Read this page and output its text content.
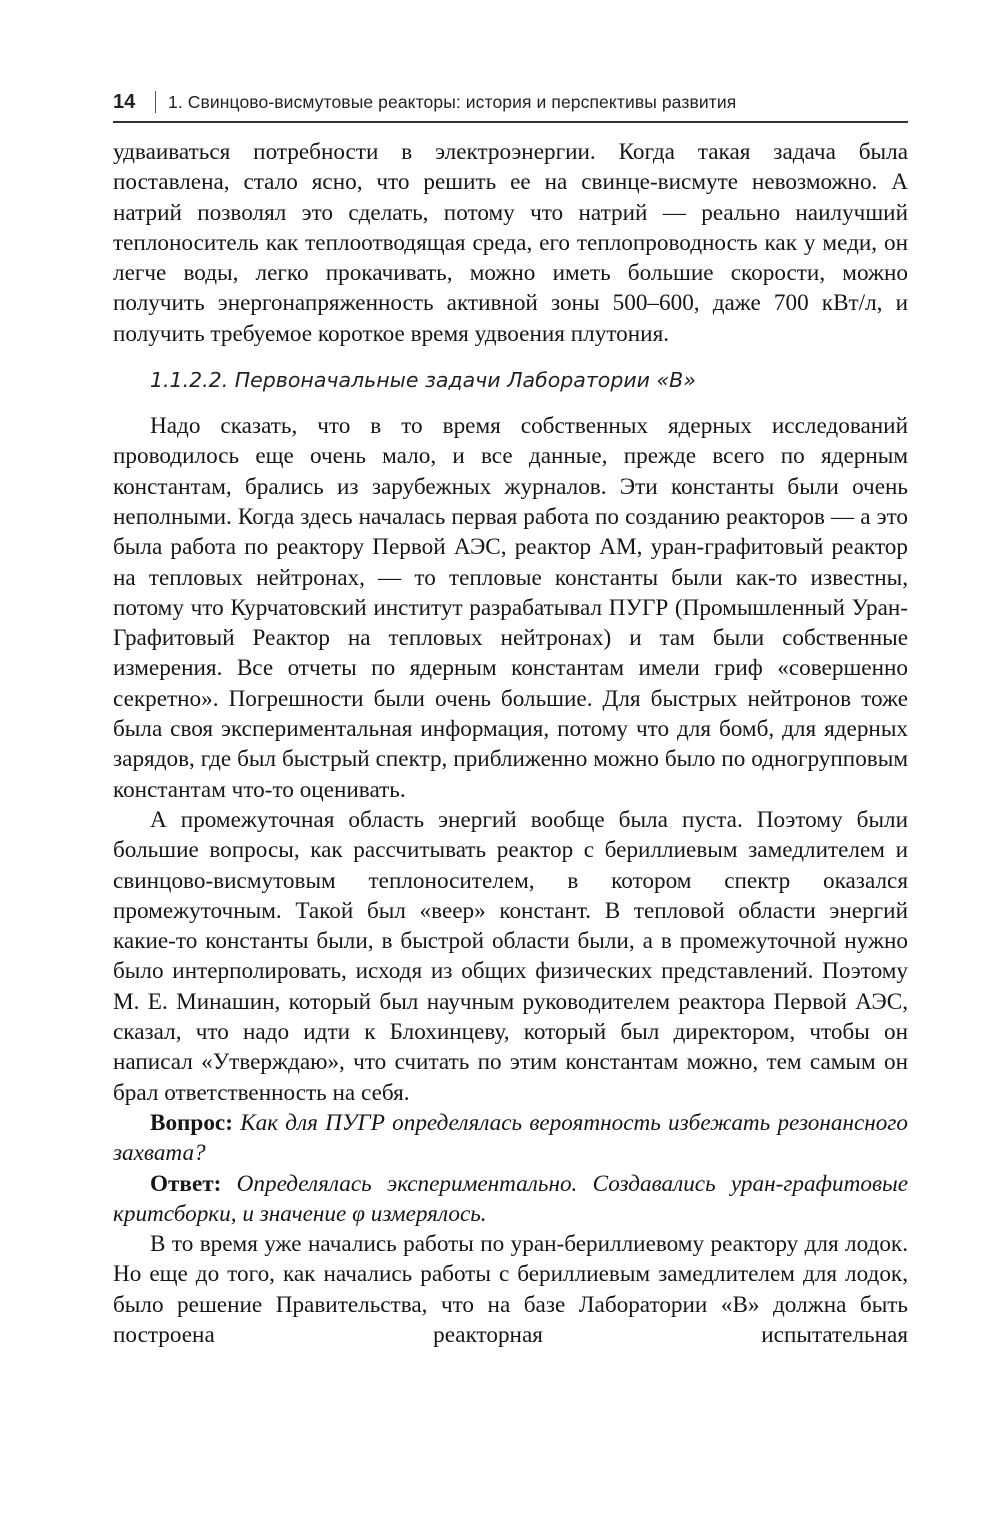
14 1. Свинцово-висмутовые реакторы: история и перспективы развития

удваиваться потребности в электроэнергии. Когда такая задача была поставлена, стало ясно, что решить ее на свинце-висмуте невозможно. А натрий позволял это сделать, потому что натрий — реально наилучший теплоноситель как теплоотводящая среда, его теплопроводность как у меди, он легче воды, легко прокачивать, можно иметь большие скорости, можно получить энергонапряженность активной зоны 500–600, даже 700 кВт/л, и получить требуемое короткое время удвоения плутония.

1.1.2.2. Первоначальные задачи Лаборатории «В»

Надо сказать, что в то время собственных ядерных исследований проводилось еще очень мало, и все данные, прежде всего по ядерным константам, брались из зарубежных журналов. Эти константы были очень неполными. Когда здесь началась первая работа по созданию реакторов — а это была работа по реактору Первой АЭС, реактор АМ, уран-графитовый реактор на тепловых нейтронах, — то тепловые константы были как-то известны, потому что Курчатовский институт разрабатывал ПУГР (Промышленный Уран-Графитовый Реактор на тепловых нейтронах) и там были собственные измерения. Все отчеты по ядерным константам имели гриф «совершенно секретно». Погрешности были очень большие. Для быстрых нейтронов тоже была своя экспериментальная информация, потому что для бомб, для ядерных зарядов, где был быстрый спектр, приближенно можно было по одногрупповым константам что-то оценивать.

А промежуточная область энергий вообще была пуста. Поэтому были большие вопросы, как рассчитывать реактор с бериллиевым замедлителем и свинцово-висмутовым теплоносителем, в котором спектр оказался промежуточным. Такой был «веер» констант. В тепловой области энергий какие-то константы были, в быстрой области были, а в промежуточной нужно было интерполировать, исходя из общих физических представлений. Поэтому М. Е. Минашин, который был научным руководителем реактора Первой АЭС, сказал, что надо идти к Блохинцеву, который был директором, чтобы он написал «Утверждаю», что считать по этим константам можно, тем самым он брал ответственность на себя.

Вопрос: Как для ПУГР определялась вероятность избежать резонансного захвата?

Ответ: Определялась экспериментально. Создавались уран-графитовые критсборки, и значение φ измерялось.

В то время уже начались работы по уран-бериллиевому реактору для лодок. Но еще до того, как начались работы с бериллиевым замедлителем для лодок, было решение Правительства, что на базе Лаборатории «В» должна быть построена реакторная испытательная
